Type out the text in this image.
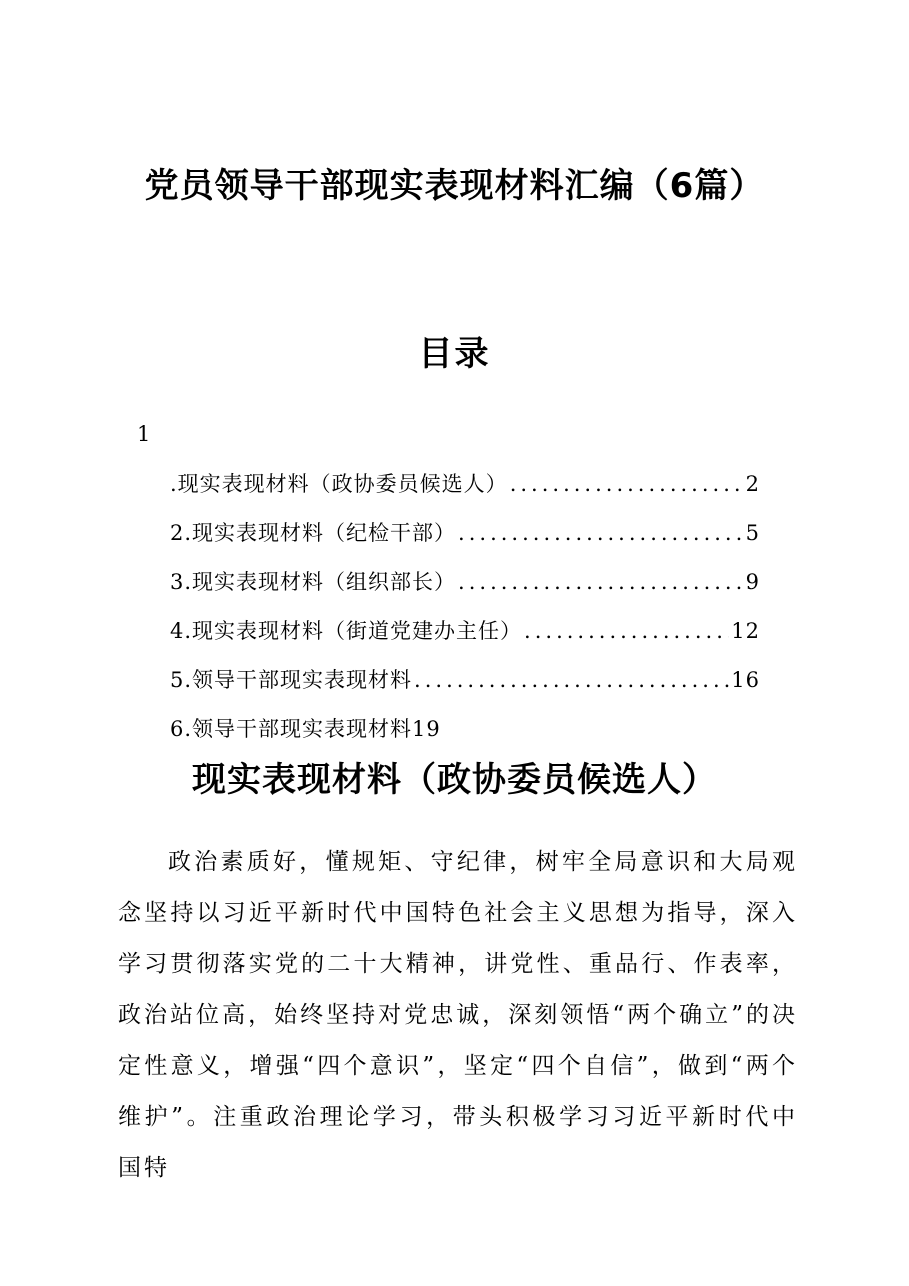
党员领导干部现实表现材料汇编（6篇）
目录
1
.现实表现材料（政协委员候选人） .....	2
2.现实表现材料（纪检干部） .....	5
3.现实表现材料（组织部长） .....	9
4.现实表现材料（街道党建办主任） .....	12
5.领导干部现实表现材料 .....	16
6.领导干部现实表现材料 19
现实表现材料（政协委员候选人）

政治素质好，懂规矩、守纪律，树牢全局意识和大局观念坚持以习近平新时代中国特色社会主义思想为指导，深入学习贯彻落实党的二十大精神，讲党性、重品行、作表率，政治站位高，始终坚持对党忠诚，深刻领悟“两个确立”的决定性意义，增强“四个意识”，坚定“四个自信”，做到“两个维护”。注重政治理论学习，带头积极学习习近平新时代中国特
